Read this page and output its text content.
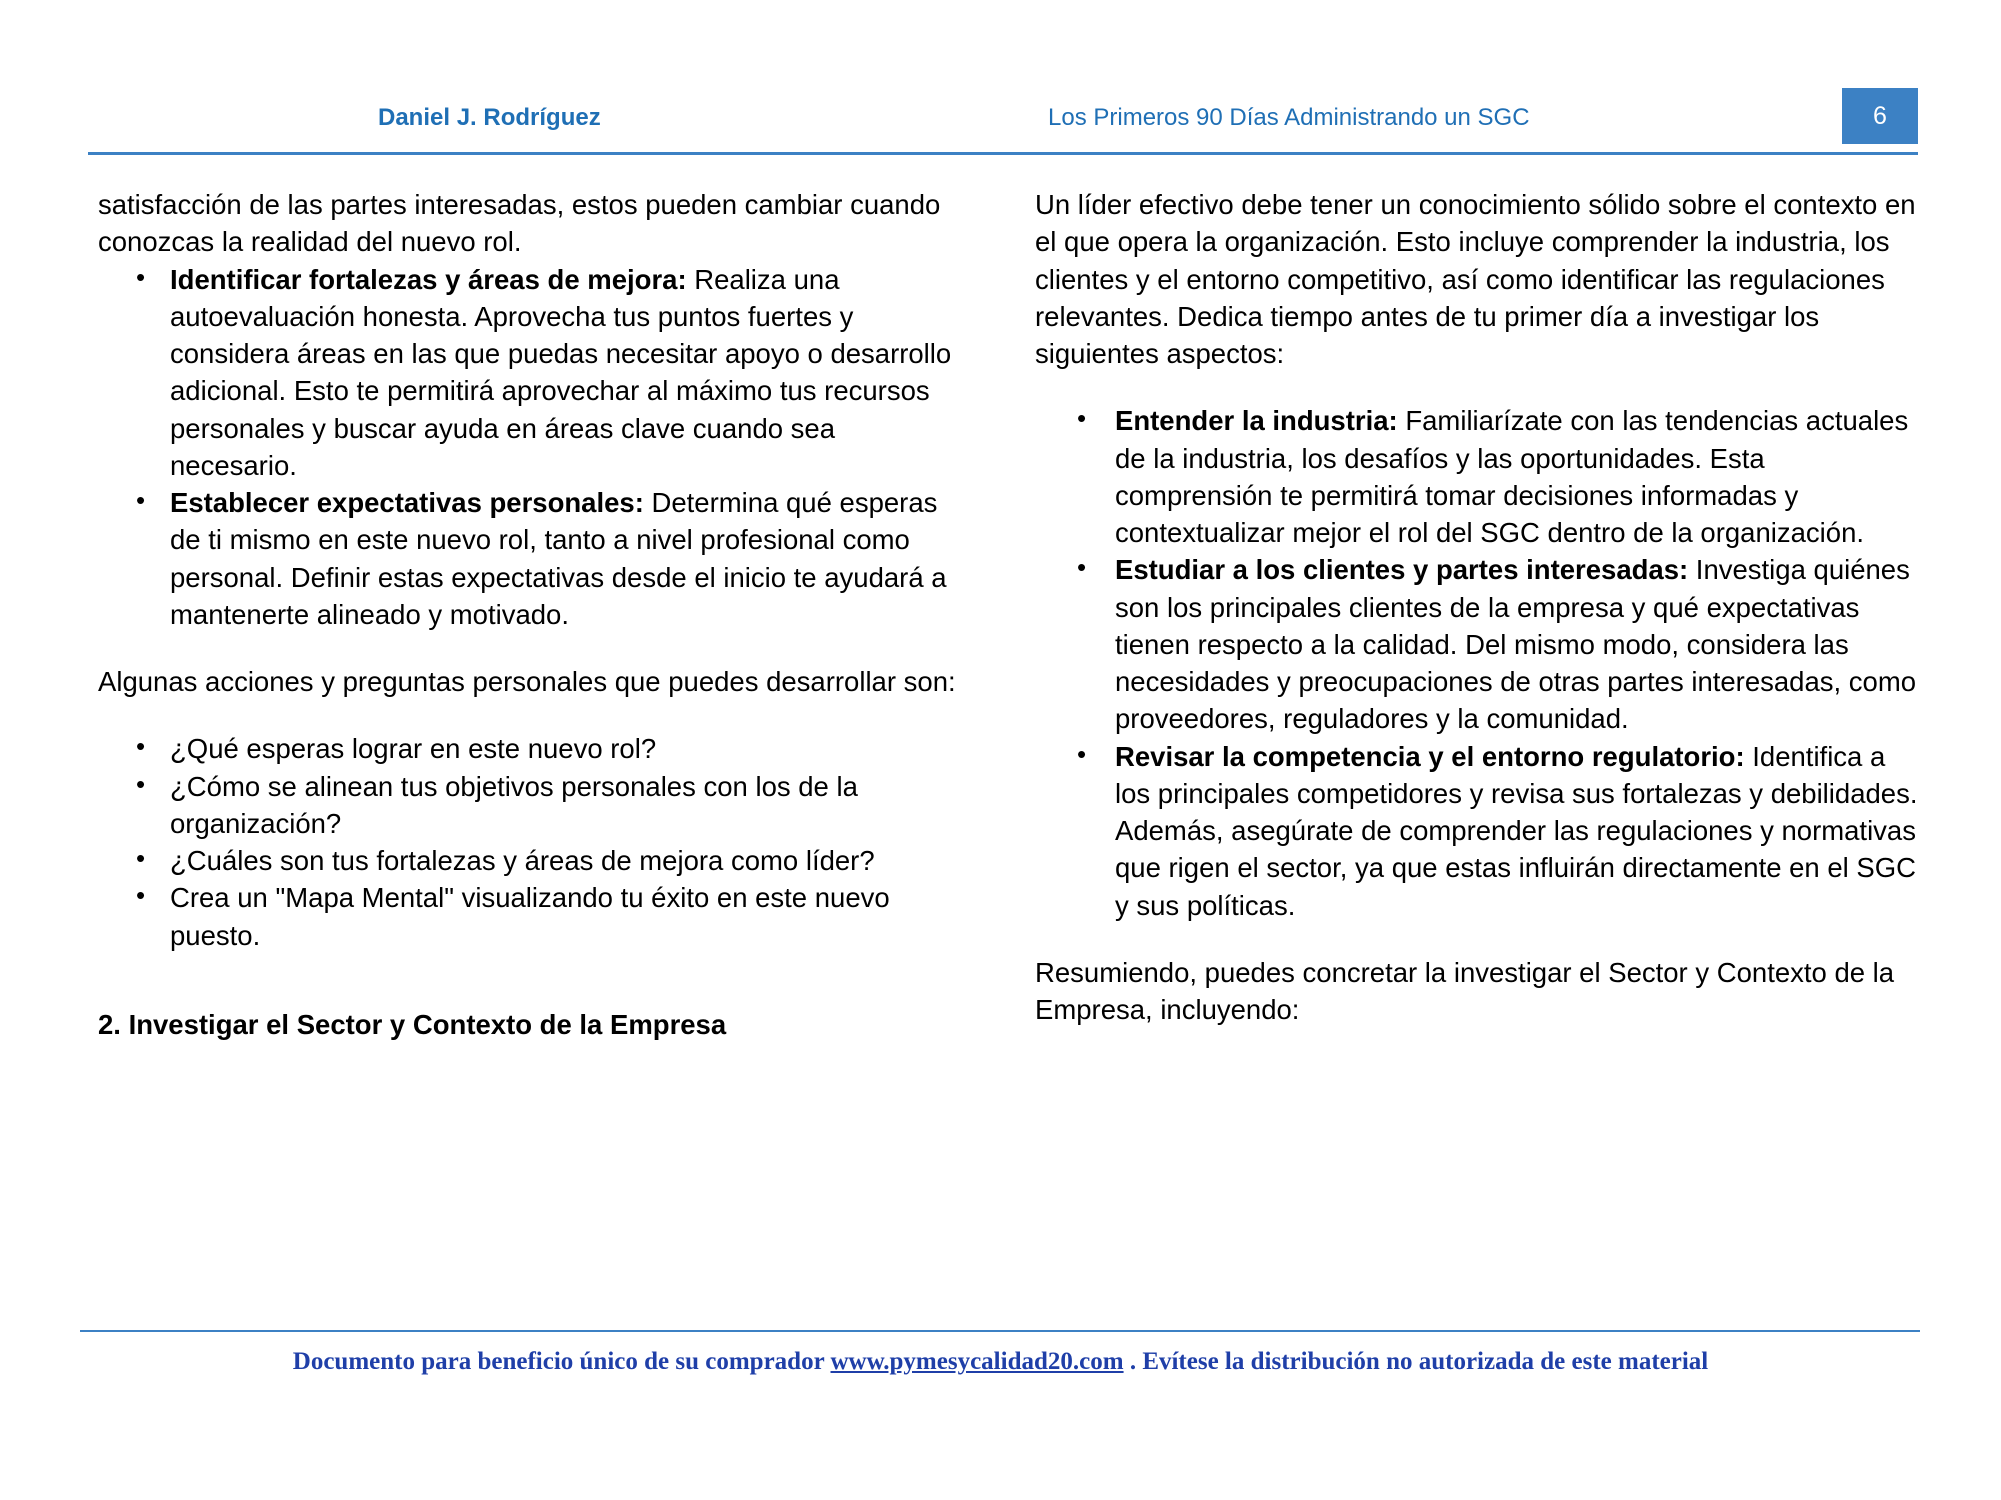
Daniel J. Rodríguez	Los Primeros 90 Días Administrando un SGC	6

satisfacción de las partes interesadas, estos pueden cambiar cuando conozcas la realidad del nuevo rol.

• Identificar fortalezas y áreas de mejora: Realiza una autoevaluación honesta. Aprovecha tus puntos fuertes y considera áreas en las que puedas necesitar apoyo o desarrollo adicional. Esto te permitirá aprovechar al máximo tus recursos personales y buscar ayuda en áreas clave cuando sea necesario.
• Establecer expectativas personales: Determina qué esperas de ti mismo en este nuevo rol, tanto a nivel profesional como personal. Definir estas expectativas desde el inicio te ayudará a mantenerte alineado y motivado.

Algunas acciones y preguntas personales que puedes desarrollar son:

• ¿Qué esperas lograr en este nuevo rol?
• ¿Cómo se alinean tus objetivos personales con los de la organización?
• ¿Cuáles son tus fortalezas y áreas de mejora como líder?
• Crea un "Mapa Mental" visualizando tu éxito en este nuevo puesto.
2. Investigar el Sector y Contexto de la Empresa

Un líder efectivo debe tener un conocimiento sólido sobre el contexto en el que opera la organización. Esto incluye comprender la industria, los clientes y el entorno competitivo, así como identificar las regulaciones relevantes. Dedica tiempo antes de tu primer día a investigar los siguientes aspectos:

• Entender la industria: Familiarízate con las tendencias actuales de la industria, los desafíos y las oportunidades. Esta comprensión te permitirá tomar decisiones informadas y contextualizar mejor el rol del SGC dentro de la organización.
• Estudiar a los clientes y partes interesadas: Investiga quiénes son los principales clientes de la empresa y qué expectativas tienen respecto a la calidad. Del mismo modo, considera las necesidades y preocupaciones de otras partes interesadas, como proveedores, reguladores y la comunidad.
• Revisar la competencia y el entorno regulatorio: Identifica a los principales competidores y revisa sus fortalezas y debilidades. Además, asegúrate de comprender las regulaciones y normativas que rigen el sector, ya que estas influirán directamente en el SGC y sus políticas.

Resumiendo, puedes concretar la investigar el Sector y Contexto de la Empresa, incluyendo:

Documento para beneficio único de su comprador www.pymesycalidad20.com . Evítese la distribución no autorizada de este material
